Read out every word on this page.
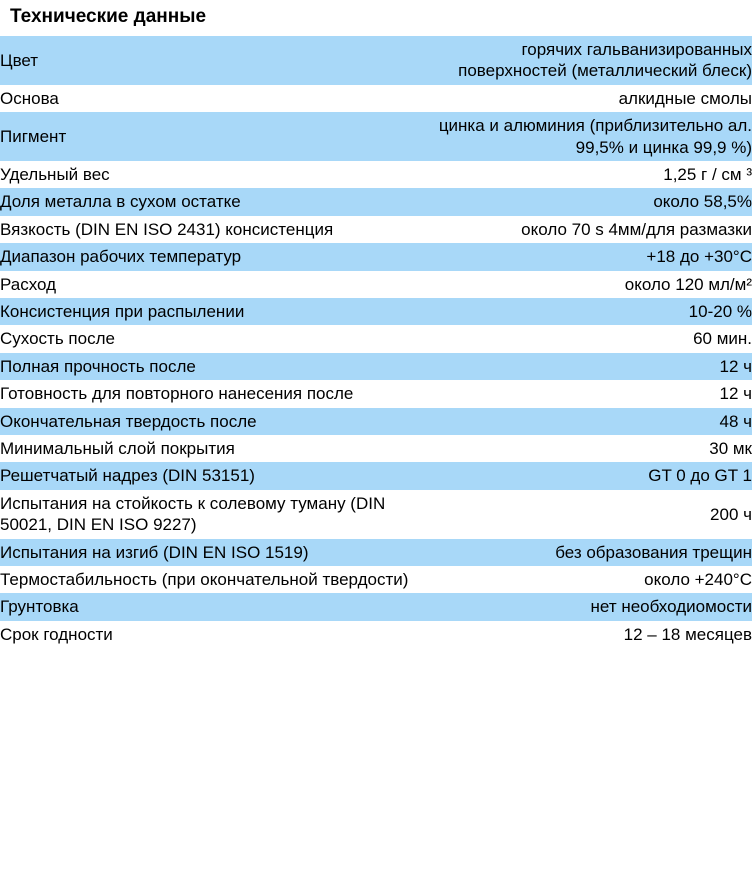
Технические данные
Цвет	горячих гальванизированных поверхностей (металлический блеск)
Основа	алкидные смолы
Пигмент	цинка и алюминия (приблизительно ал. 99,5% и цинка 99,9 %)
Удельный вес	1,25 г / см ³
Доля металла в сухом остатке	около 58,5%
Вязкость (DIN EN ISO 2431) консистенция	около 70 s 4мм/для размазки
Диапазон рабочих температур	+18 до +30°C
Расход	около 120 мл/м²
Консистенция при распылении	10-20 %
Сухость после	60 мин.
Полная прочность после	12 ч
Готовность для повторного нанесения после	12 ч
Окончательная твердость после	48 ч
Минимальный слой покрытия	30 мк
Решетчатый надрез (DIN 53151)	GT 0 до GT 1
Испытания на стойкость к солевому туману (DIN 50021, DIN EN ISO 9227)	200 ч
Испытания на изгиб (DIN EN ISO 1519)	без образования трещин
Термостабильность (при окончательной твердости)	около +240°C
Грунтовка	нет необходиомости
Срок годности	12 – 18 месяцев
